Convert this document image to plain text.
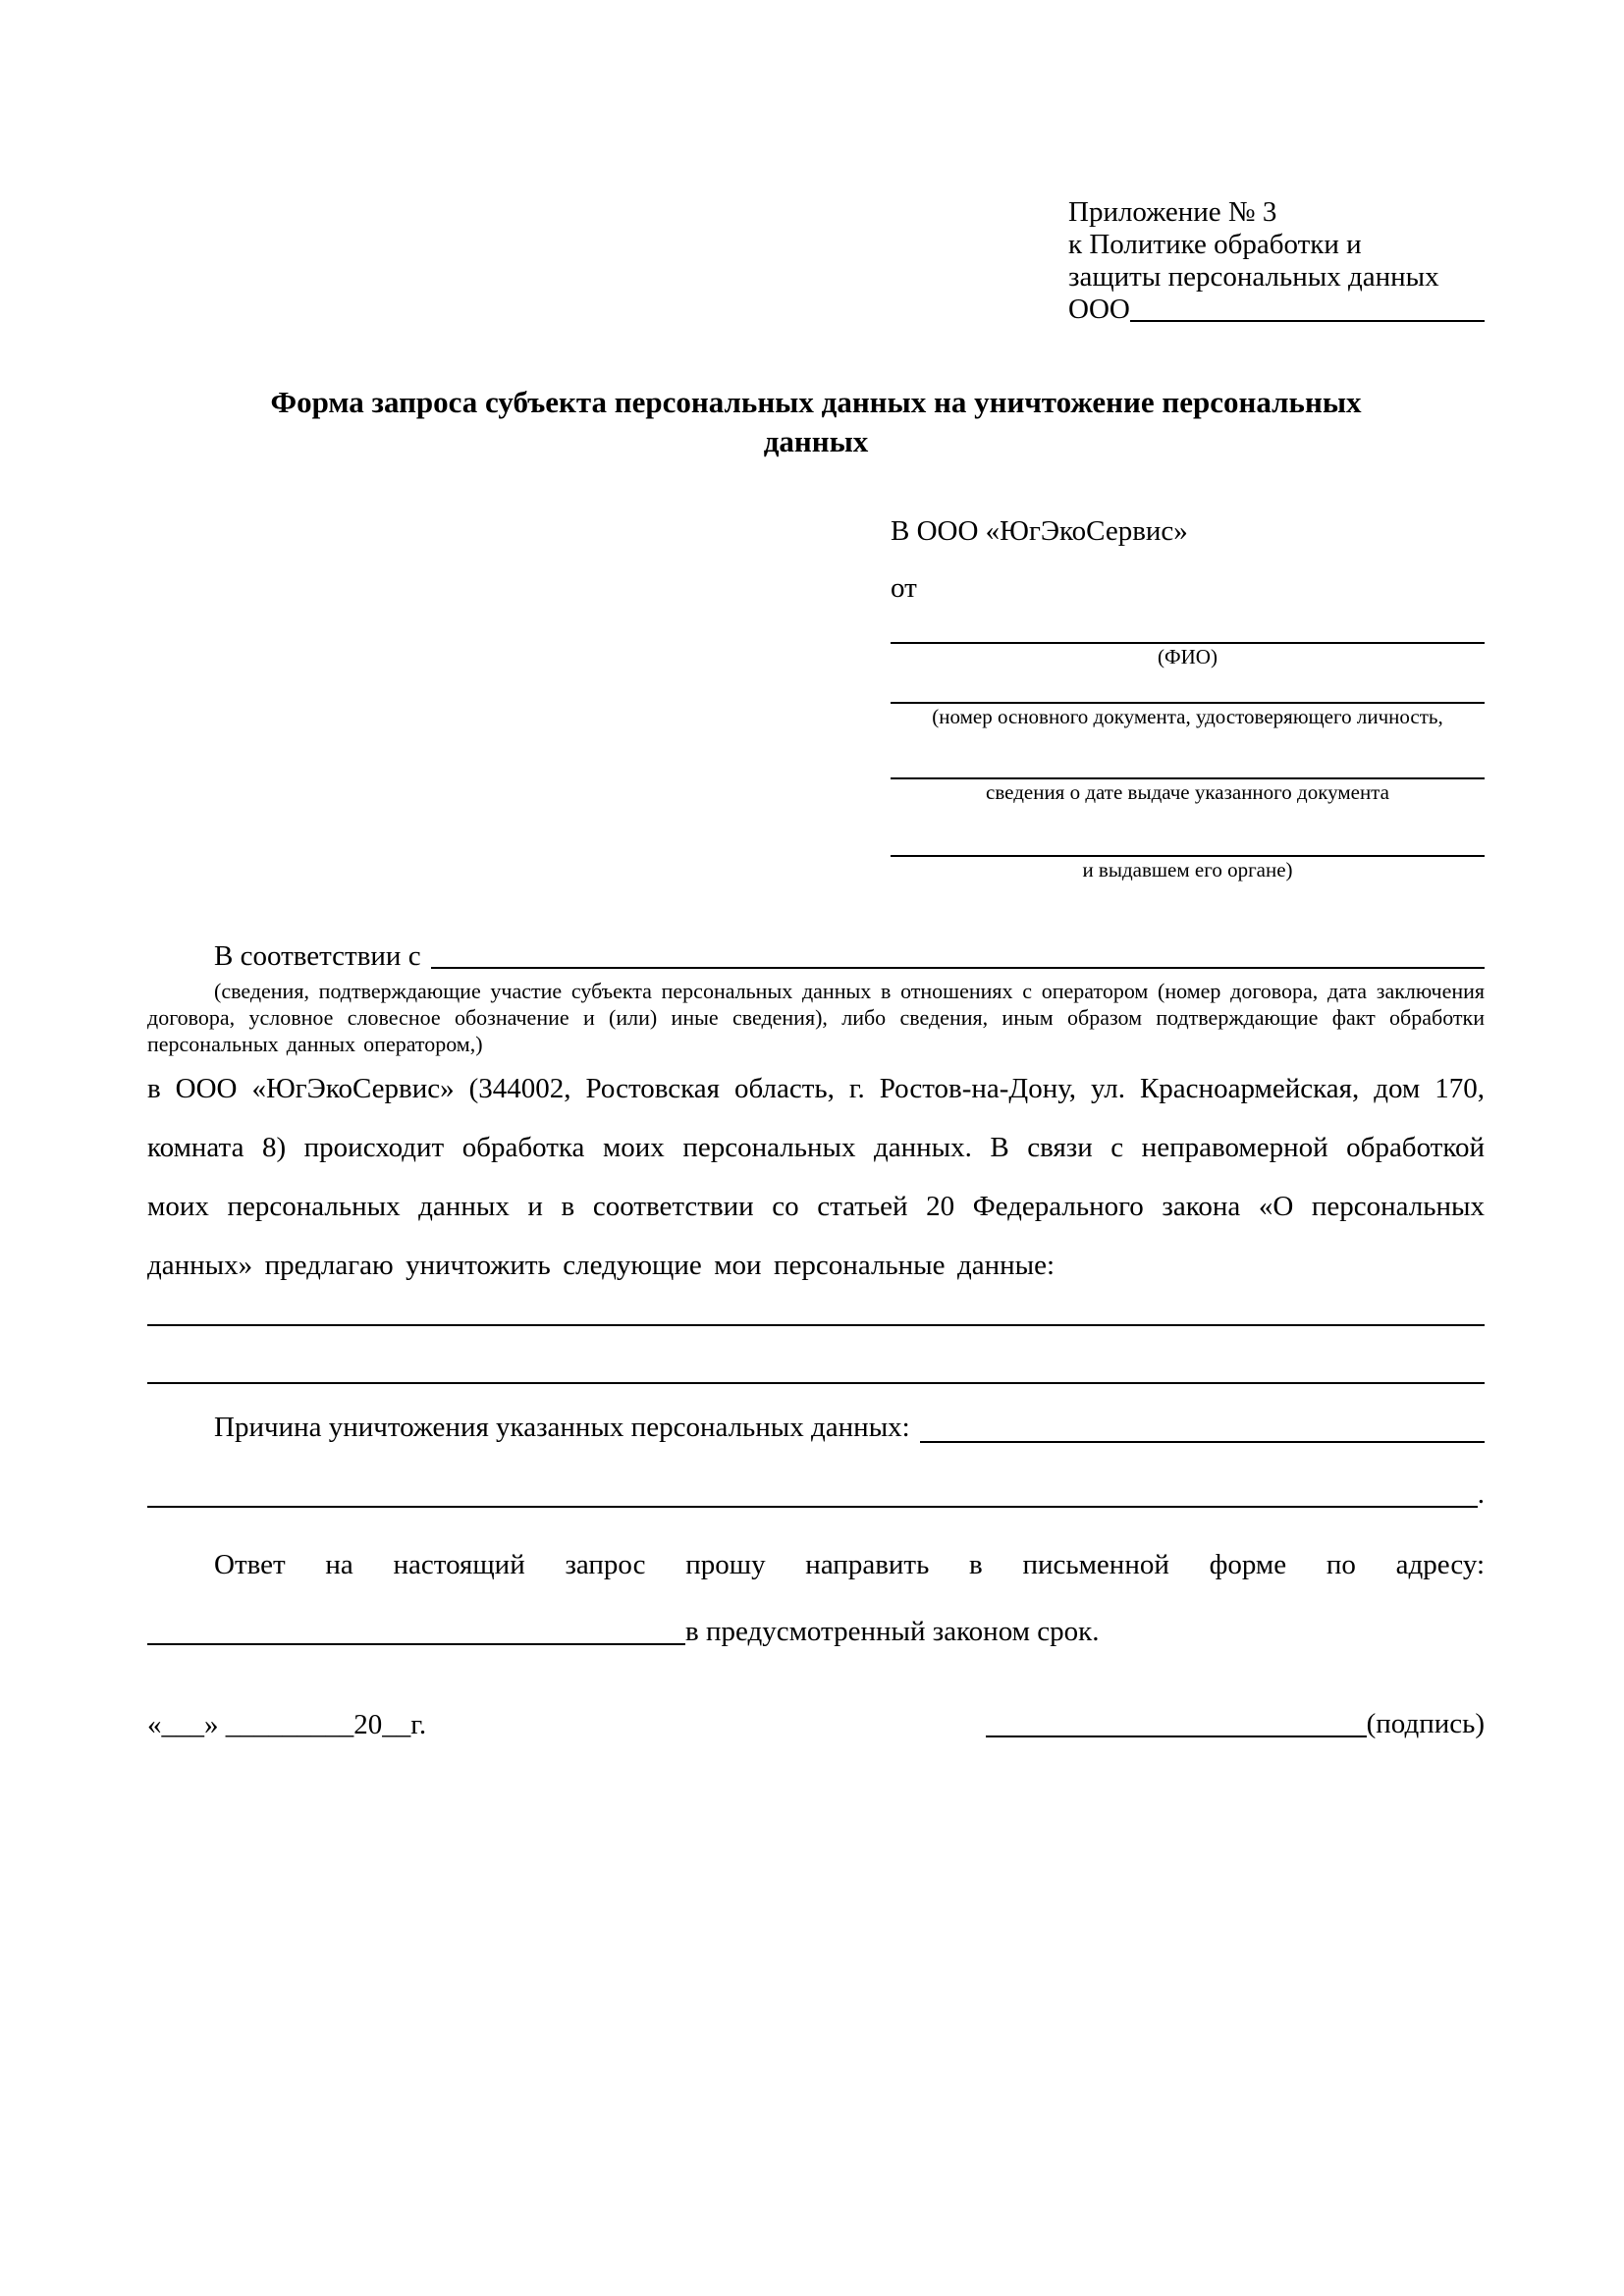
Приложение № 3
к Политике обработки и
защиты персональных данных
ООО
Форма запроса субъекта персональных данных на уничтожение персональных данных
В ООО «ЮгЭкоСервис»
от
(ФИО)
(номер основного документа, удостоверяющего личность,
сведения о дате выдаче указанного документа
и выдавшем его органе)
В соответствии с
(сведения, подтверждающие участие субъекта персональных данных в отношениях с оператором (номер договора, дата заключения договора, условное словесное обозначение и (или) иные сведения), либо сведения, иным образом подтверждающие факт обработки персональных данных оператором,)

в ООО «ЮгЭкоСервис» (344002, Ростовская область, г. Ростов-на-Дону, ул. Красноармейская, дом 170, комната 8) происходит обработка моих персональных данных. В связи с неправомерной обработкой моих персональных данных и в соответствии со статьей 20 Федерального закона «О персональных данных» предлагаю уничтожить следующие мои персональные данные:

Причина уничтожения указанных персональных данных:
.
Ответ на настоящий запрос прошу направить в письменной форме по адресу:
в предусмотренный законом срок.
«___» _________20__г.	(подпись)
